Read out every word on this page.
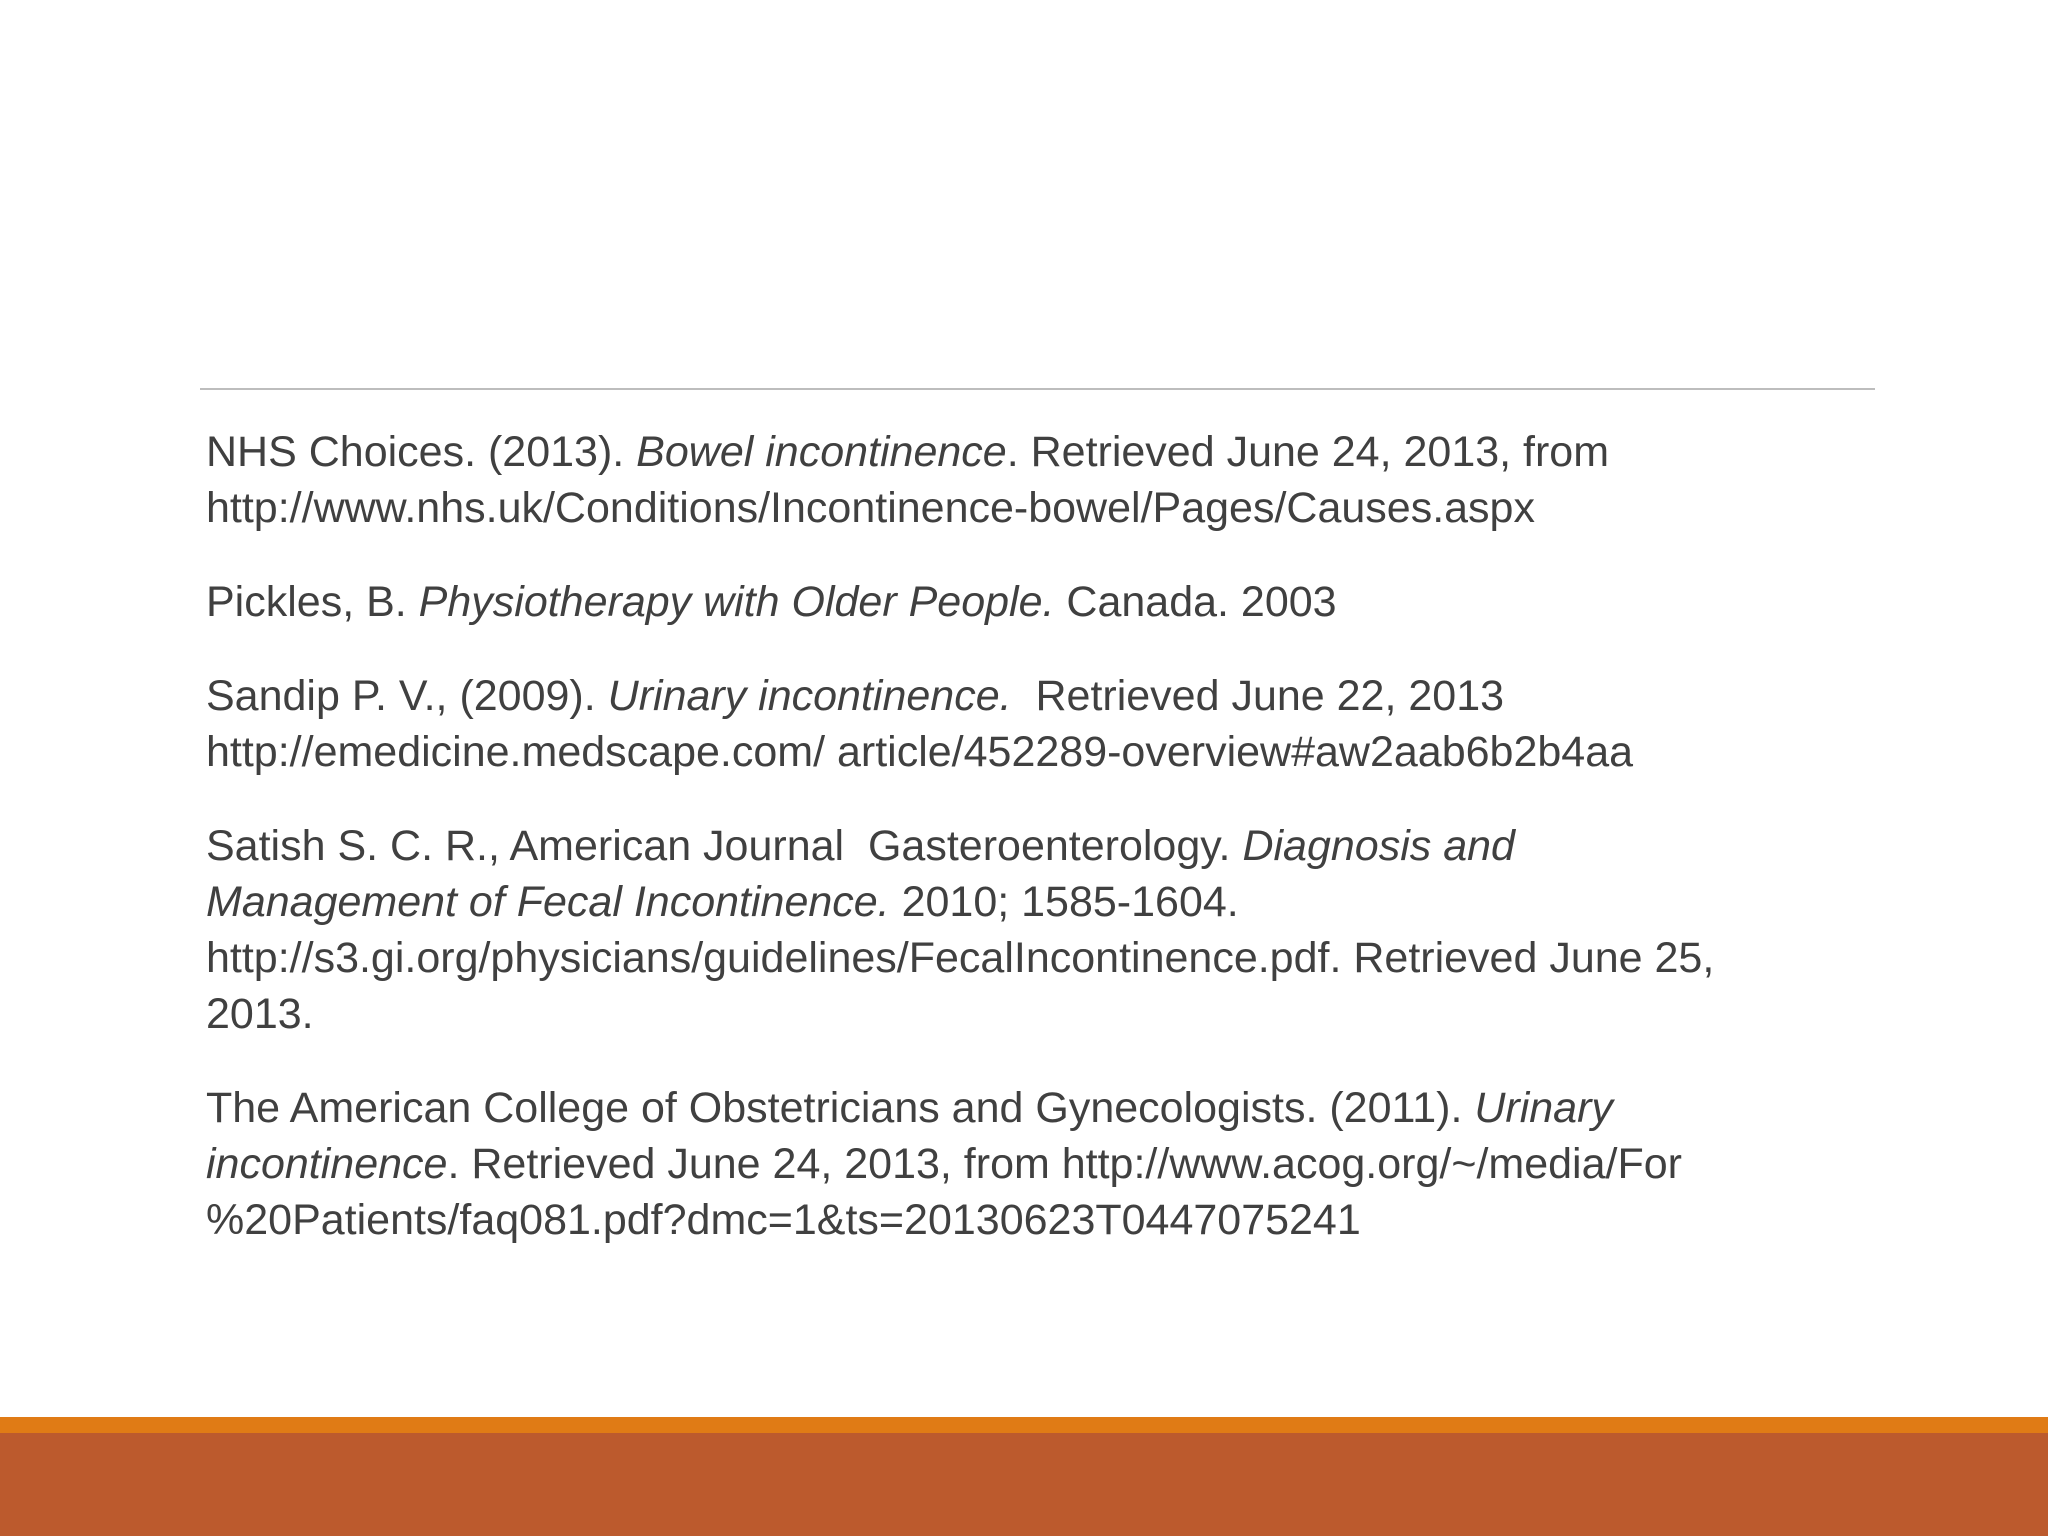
NHS Choices. (2013). Bowel incontinence. Retrieved June 24, 2013, from
http://www.nhs.uk/Conditions/Incontinence-bowel/Pages/Causes.aspx

Pickles, B. Physiotherapy with Older People. Canada. 2003

Sandip P. V., (2009). Urinary incontinence.  Retrieved June 22, 2013
http://emedicine.medscape.com/ article/452289-overview#aw2aab6b2b4aa

Satish S. C. R., American Journal  Gasteroenterology. Diagnosis and
Management of Fecal Incontinence. 2010; 1585-1604.
http://s3.gi.org/physicians/guidelines/FecalIncontinence.pdf. Retrieved June 25,
2013.

The American College of Obstetricians and Gynecologists. (2011). Urinary
incontinence. Retrieved June 24, 2013, from http://www.acog.org/~/media/For
%20Patients/faq081.pdf?dmc=1&ts=20130623T0447075241
